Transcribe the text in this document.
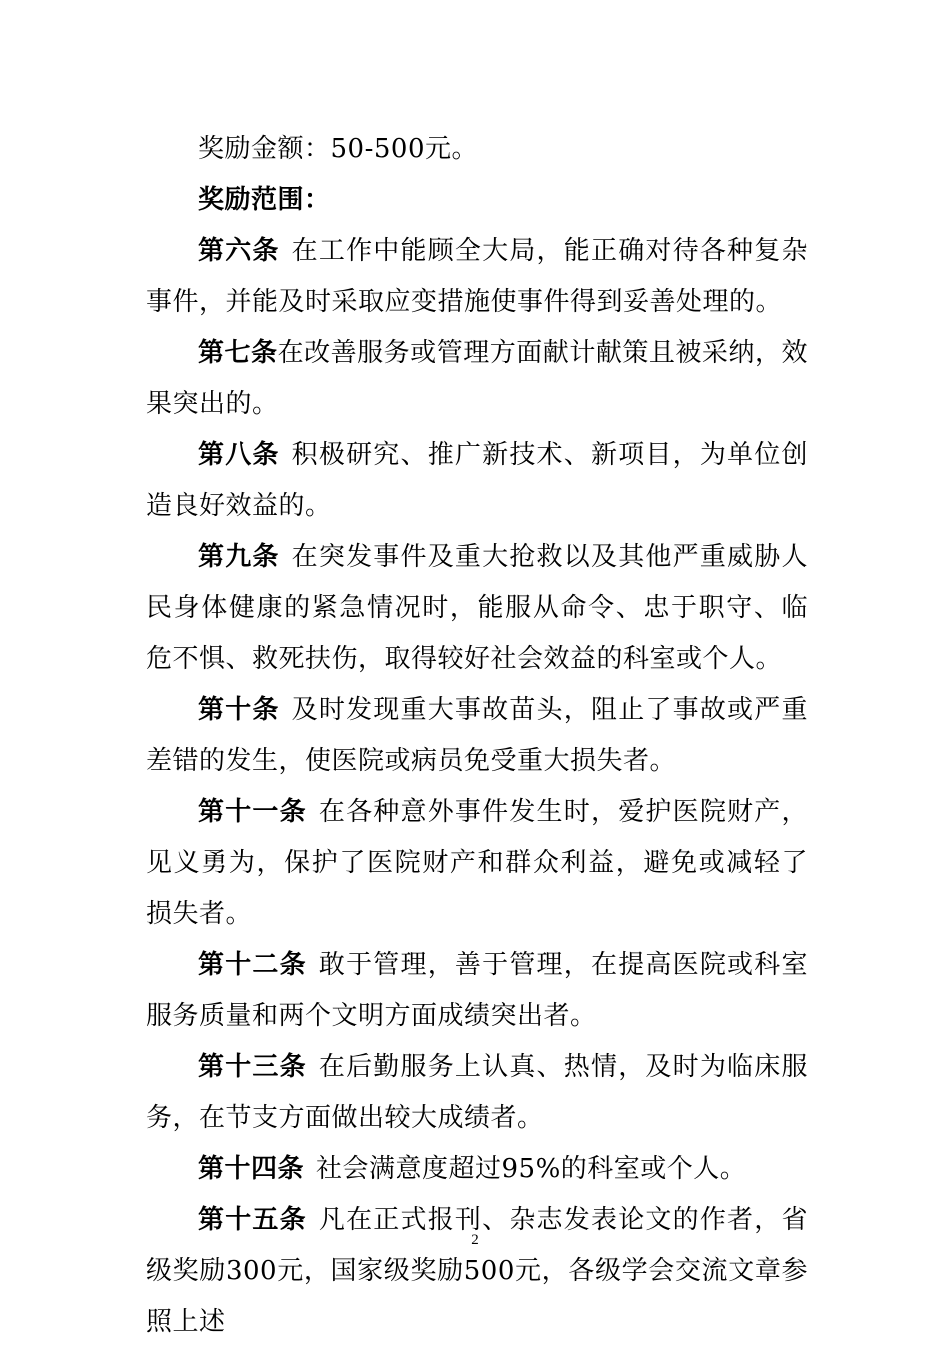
奖励金额：50-500元。

奖励范围：

第六条 在工作中能顾全大局，能正确对待各种复杂事件，并能及时采取应变措施使事件得到妥善处理的。

第七条在改善服务或管理方面献计献策且被采纳，效果突出的。

第八条 积极研究、推广新技术、新项目，为单位创造良好效益的。

第九条 在突发事件及重大抢救以及其他严重威胁人民身体健康的紧急情况时，能服从命令、忠于职守、临危不惧、救死扶伤，取得较好社会效益的科室或个人。

第十条 及时发现重大事故苗头，阻止了事故或严重差错的发生，使医院或病员免受重大损失者。

第十一条 在各种意外事件发生时，爱护医院财产，见义勇为，保护了医院财产和群众利益，避免或减轻了损失者。

第十二条 敢于管理，善于管理，在提高医院或科室服务质量和两个文明方面成绩突出者。

第十三条 在后勤服务上认真、热情，及时为临床服务，在节支方面做出较大成绩者。

第十四条 社会满意度超过95%的科室或个人。

第十五条 凡在正式报刊、杂志发表论文的作者，省级奖励300元，国家级奖励500元，各级学会交流文章参照上述

2
